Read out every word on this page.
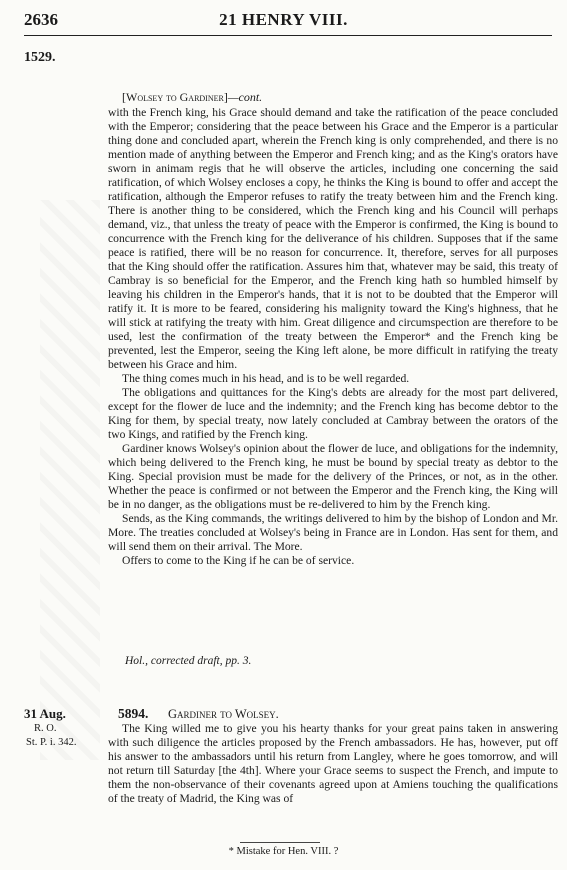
2636	21 HENRY VIII.
1529.
[Wolsey to Gardiner]—cont.

with the French king, his Grace should demand and take the ratification of the peace concluded with the Emperor; considering that the peace between his Grace and the Emperor is a particular thing done and concluded apart, wherein the French king is only comprehended, and there is no mention made of anything between the Emperor and French king; and as the King's orators have sworn in animam regis that he will observe the articles, including one concerning the said ratification, of which Wolsey encloses a copy, he thinks the King is bound to offer and accept the ratification, although the Emperor refuses to ratify the treaty between him and the French king. There is another thing to be considered, which the French king and his Council will perhaps demand, viz., that unless the treaty of peace with the Emperor is confirmed, the King is bound to concurrence with the French king for the deliverance of his children. Supposes that if the same peace is ratified, there will be no reason for concurrence. It, therefore, serves for all purposes that the King should offer the ratification. Assures him that, whatever may be said, this treaty of Cambray is so beneficial for the Emperor, and the French king hath so humbled himself by leaving his children in the Emperor's hands, that it is not to be doubted that the Emperor will ratify it. It is more to be feared, considering his malignity toward the King's highness, that he will stick at ratifying the treaty with him. Great diligence and circumspection are therefore to be used, lest the confirmation of the treaty between the Emperor* and the French king be prevented, lest the Emperor, seeing the King left alone, be more difficult in ratifying the treaty between his Grace and him.

The thing comes much in his head, and is to be well regarded.

The obligations and quittances for the King's debts are already for the most part delivered, except for the flower de luce and the indemnity; and the French king has become debtor to the King for them, by special treaty, now lately concluded at Cambray between the orators of the two Kings, and ratified by the French king.

Gardiner knows Wolsey's opinion about the flower de luce, and obligations for the indemnity, which being delivered to the French king, he must be bound by special treaty as debtor to the King. Special provision must be made for the delivery of the Princes, or not, as in the other. Whether the peace is confirmed or not between the Emperor and the French king, the King will be in no danger, as the obligations must be re-delivered to him by the French king.

Sends, as the King commands, the writings delivered to him by the bishop of London and Mr. More. The treaties concluded at Wolsey's being in France are in London. Has sent for them, and will send them on their arrival. The More.

Offers to come to the King if he can be of service.

Hol., corrected draft, pp. 3.
31 Aug.
R. O.
St. P. i. 342.
5894. Gardiner to Wolsey.

The King willed me to give you his hearty thanks for your great pains taken in answering with such diligence the articles proposed by the French ambassadors. He has, however, put off his answer to the ambassadors until his return from Langley, where he goes tomorrow, and will not return till Saturday [the 4th]. Where your Grace seems to suspect the French, and impute to them the non-observance of their covenants agreed upon at Amiens touching the qualifications of the treaty of Madrid, the King was of

* Mistake for Hen. VIII. ?
